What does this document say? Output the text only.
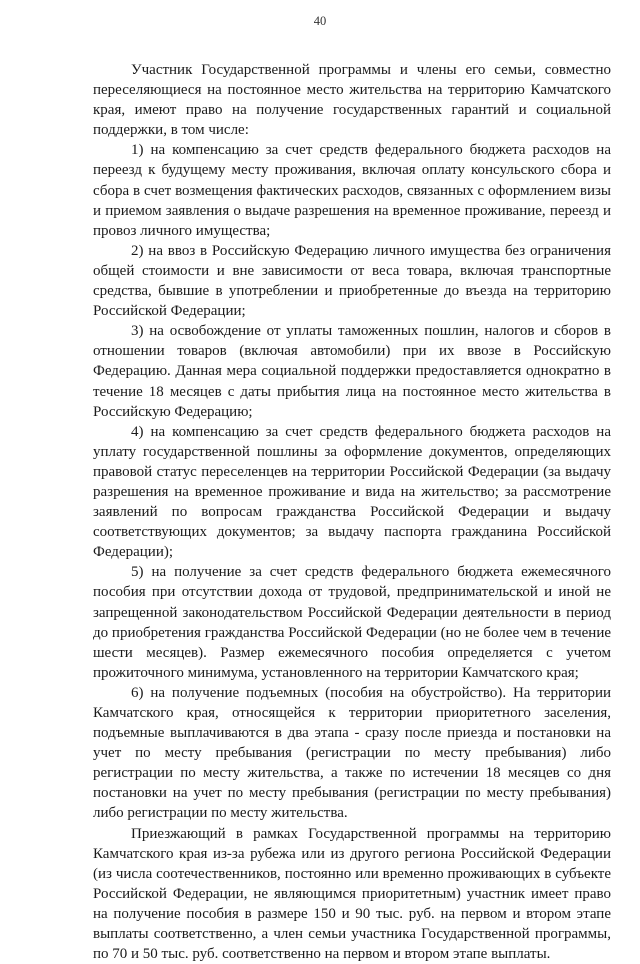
40

Участник Государственной программы и члены его семьи, совместно переселяющиеся на постоянное место жительства на территорию Камчатского края, имеют право на получение государственных гарантий и социальной поддержки, в том числе:

1) на компенсацию за счет средств федерального бюджета расходов на переезд к будущему месту проживания, включая оплату консульского сбора и сбора в счет возмещения фактических расходов, связанных с оформлением визы и приемом заявления о выдаче разрешения на временное проживание, переезд и провоз личного имущества;

2) на ввоз в Российскую Федерацию личного имущества без ограничения общей стоимости и вне зависимости от веса товара, включая транспортные средства, бывшие в употреблении и приобретенные до въезда на территорию Российской Федерации;

3) на освобождение от уплаты таможенных пошлин, налогов и сборов в отношении товаров (включая автомобили) при их ввозе в Российскую Федерацию. Данная мера социальной поддержки предоставляется однократно в течение 18 месяцев с даты прибытия лица на постоянное место жительства в Российскую Федерацию;

4) на компенсацию за счет средств федерального бюджета расходов на уплату государственной пошлины за оформление документов, определяющих правовой статус переселенцев на территории Российской Федерации (за выдачу разрешения на временное проживание и вида на жительство; за рассмотрение заявлений по вопросам гражданства Российской Федерации и выдачу соответствующих документов; за выдачу паспорта гражданина Российской Федерации);

5) на получение за счет средств федерального бюджета ежемесячного пособия при отсутствии дохода от трудовой, предпринимательской и иной не запрещенной законодательством Российской Федерации деятельности в период до приобретения гражданства Российской Федерации (но не более чем в течение шести месяцев). Размер ежемесячного пособия определяется с учетом прожиточного минимума, установленного на территории Камчатского края;

6) на получение подъемных (пособия на обустройство). На территории Камчатского края, относящейся к территории приоритетного заселения, подъемные выплачиваются в два этапа - сразу после приезда и постановки на учет по месту пребывания (регистрации по месту пребывания) либо регистрации по месту жительства, а также по истечении 18 месяцев со дня постановки на учет по месту пребывания (регистрации по месту пребывания) либо регистрации по месту жительства.

Приезжающий в рамках Государственной программы на территорию Камчатского края из-за рубежа или из другого региона Российской Федерации (из числа соотечественников, постоянно или временно проживающих в субъекте Российской Федерации, не являющимся приоритетным) участник имеет право на получение пособия в размере 150 и 90 тыс. руб. на первом и втором этапе выплаты соответственно, а член семьи участника Государственной программы, по 70 и 50 тыс. руб. соответственно на первом и втором этапе выплаты.
